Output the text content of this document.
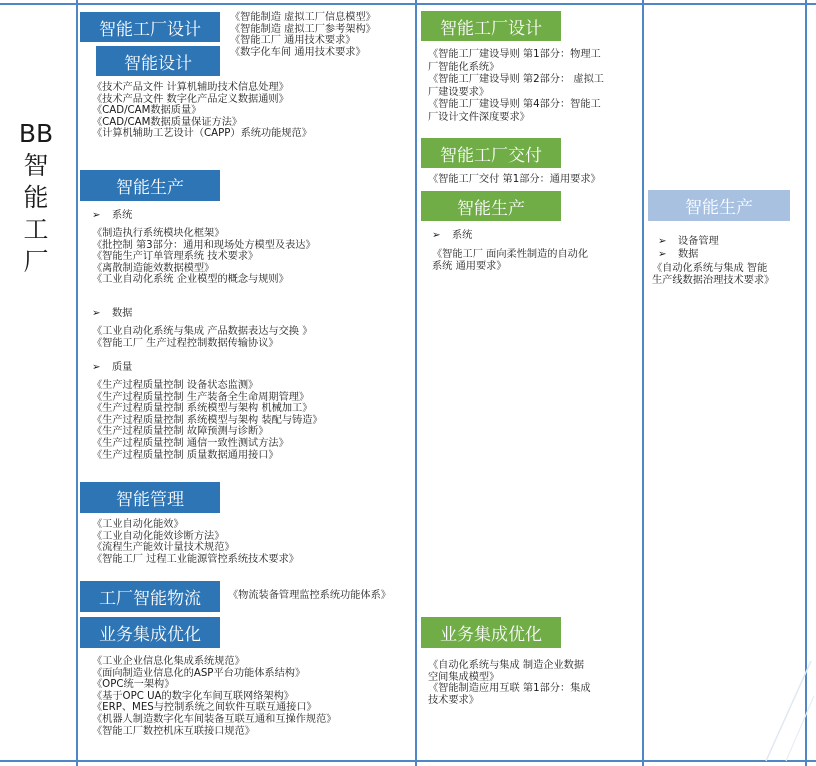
BB
智
能
工
厂
智能工厂设计
《智能制造 虚拟工厂信息模型》
《智能制造 虚拟工厂参考架构》
《智能工厂 通用技术要求》
《数字化车间 通用技术要求》
智能设计
《技术产品文件 计算机辅助技术信息处理》
《技术产品文件 数字化产品定义数据通则》
《CAD/CAM数据质量》
《CAD/CAM数据质量保证方法》
《计算机辅助工艺设计（CAPP）系统功能规范》
智能生产
➢ 系统
《制造执行系统模块化框架》
《批控制 第3部分：通用和现场处方模型及表达》
《智能生产订单管理系统 技术要求》
《离散制造能效数据模型》
《工业自动化系统 企业模型的概念与规则》
➢ 数据
《工业自动化系统与集成 产品数据表达与交换 》
《智能工厂 生产过程控制数据传输协议》
➢ 质量
《生产过程质量控制 设备状态监测》
《生产过程质量控制 生产装备全生命周期管理》
《生产过程质量控制 系统模型与架构 机械加工》
《生产过程质量控制 系统模型与架构 装配与铸造》
《生产过程质量控制 故障预测与诊断》
《生产过程质量控制 通信一致性测试方法》
《生产过程质量控制 质量数据通用接口》
智能管理
《工业自动化能效》
《工业自动化能效诊断方法》
《流程生产能效计量技术规范》
《智能工厂 过程工业能源管控系统技术要求》
工厂智能物流	《物流装备管理监控系统功能体系》
业务集成优化
《工业企业信息化集成系统规范》
《面向制造业信息化的ASP平台功能体系结构》
《OPC统一架构》
《基于OPC UA的数字化车间互联网络架构》
《ERP、MES与控制系统之间软件互联互通接口》
《机器人制造数字化车间装备互联互通和互操作规范》
《智能工厂数控机床互联接口规范》
智能工厂设计
《智能工厂建设导则 第1部分：物理工
厂智能化系统》
《智能工厂建设导则 第2部分： 虚拟工
厂建设要求》
《智能工厂建设导则 第4部分：智能工
厂设计文件深度要求》
智能工厂交付
《智能工厂交付 第1部分：通用要求》
智能生产
➢ 系统
《智能工厂 面向柔性制造的自动化
系统 通用要求》
业务集成优化
《自动化系统与集成 制造企业数据
空间集成模型》
《智能制造应用互联 第1部分：集成
技术要求》
智能生产
➢ 设备管理
➢ 数据
《自动化系统与集成 智能
生产线数据治理技术要求》
